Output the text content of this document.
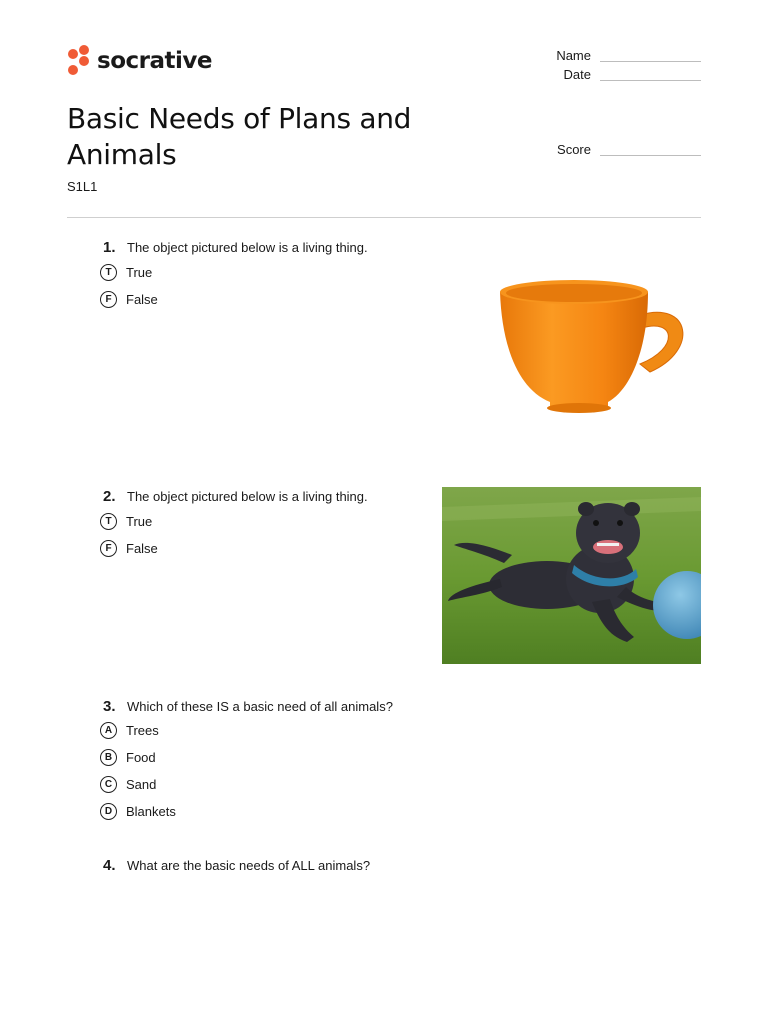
socrative	Name
Date
Score
Basic Needs of Plans and Animals
S1L1
1. The object pictured below is a living thing.
T	True
F	False
2. The object pictured below is a living thing.
T	True
F	False
3. Which of these IS a basic need of all animals?
A	Trees
B	Food
C	Sand
D	Blankets
4. What are the basic needs of ALL animals?
